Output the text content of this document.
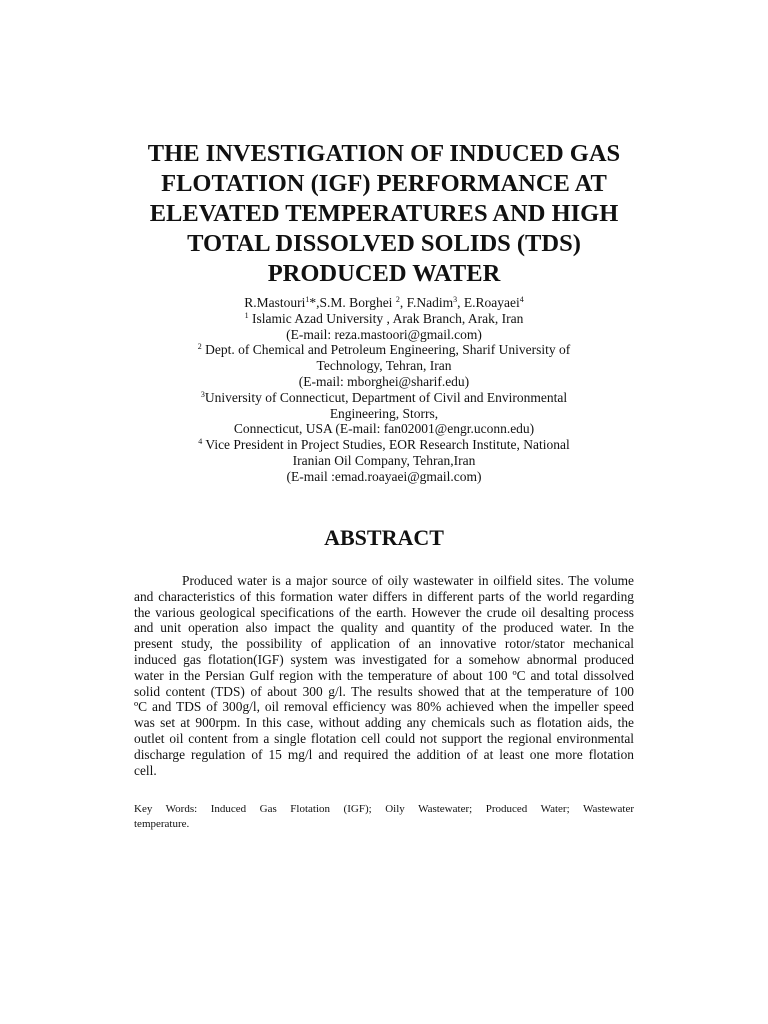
THE INVESTIGATION OF INDUCED GAS
FLOTATION (IGF) PERFORMANCE AT
ELEVATED TEMPERATURES AND HIGH
TOTAL DISSOLVED SOLIDS (TDS)
PRODUCED WATER
R.Mastouri$^1$*,S.M. Borghei $^2$, F.Nadim$^3$, E.Roayaei$^4$
$^1$ Islamic Azad University , Arak Branch, Arak, Iran
(E-mail: reza.mastoori@gmail.com)
$^2$ Dept. of Chemical and Petroleum Engineering, Sharif University of
Technology, Tehran, Iran
(E-mail: mborghei@sharif.edu)
$^3$University of Connecticut, Department of Civil and Environmental
Engineering, Storrs,
Connecticut, USA (E-mail: fan02001@engr.uconn.edu)
$^4$ Vice President in Project Studies, EOR Research Institute, National
Iranian Oil Company, Tehran,Iran
(E-mail :emad.roayaei@gmail.com)
ABSTRACT
Produced water is a major source of oily wastewater in oilfield sites. The volume
and characteristics of this formation water differs in different parts of the world regarding
the various geological specifications of the earth. However the crude oil desalting process
and unit operation also impact the quality and quantity of the produced water. In the
present study, the possibility of application of an innovative rotor/stator mechanical
induced gas flotation(IGF) system was investigated for a somehow abnormal produced
water in the Persian Gulf region with the temperature of about 100 ºC and total dissolved
solid content (TDS) of about 300 g/l. The results showed that at the temperature of 100
ºC and TDS of 300g/l, oil removal efficiency was 80% achieved when the impeller speed
was set at 900rpm. In this case, without adding any chemicals such as flotation aids, the
outlet oil content from a single flotation cell could not support the regional environmental
discharge regulation of 15 mg/l and required the addition of at least one more flotation
cell.
Key Words: Induced Gas Flotation (IGF); Oily Wastewater; Produced Water; Wastewater
temperature.
